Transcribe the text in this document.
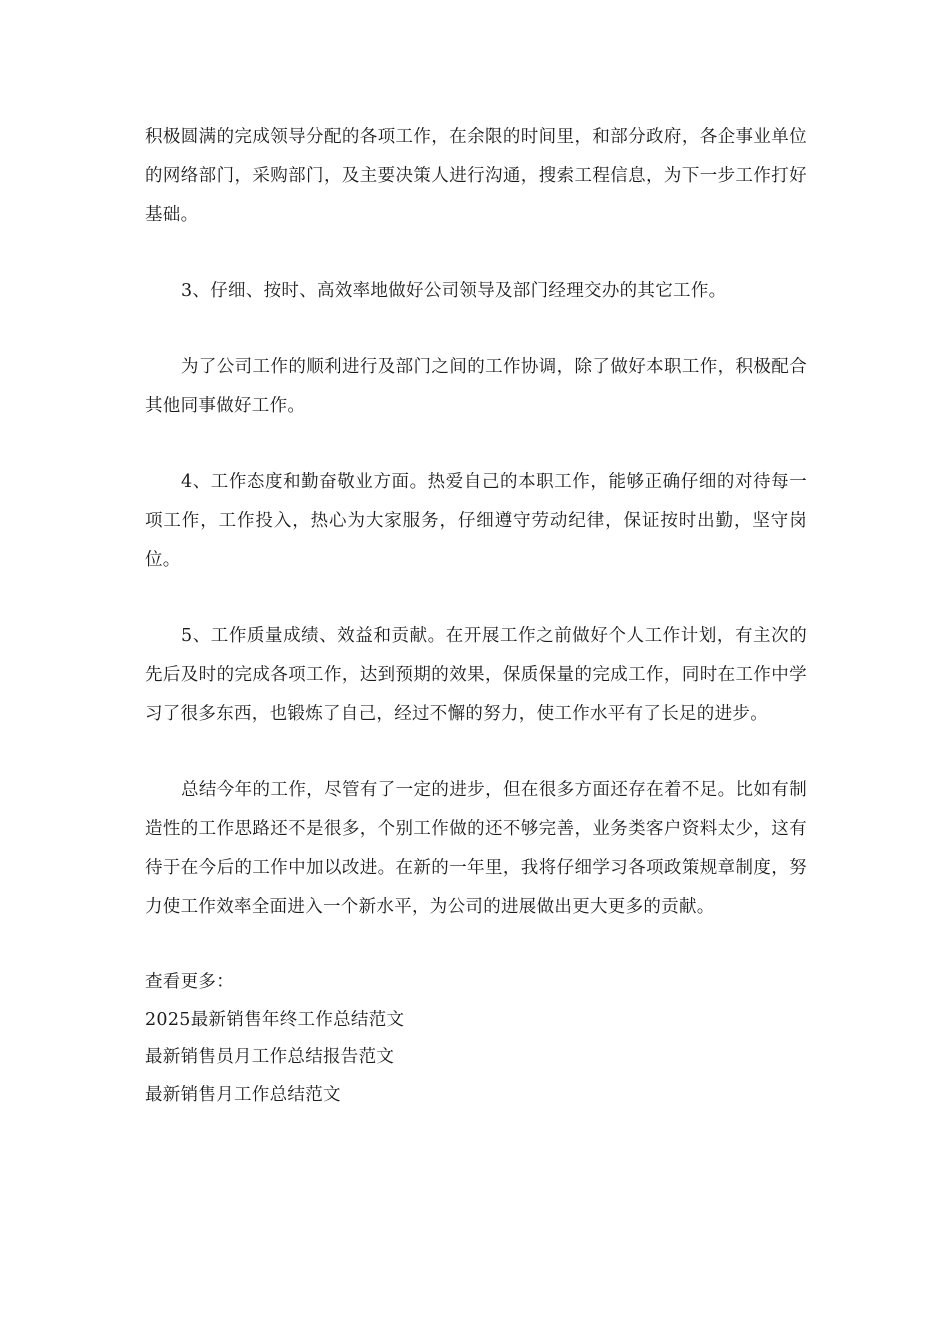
积极圆满的完成领导分配的各项工作，在余限的时间里，和部分政府，各企事业单位的网络部门，采购部门，及主要决策人进行沟通，搜索工程信息，为下一步工作打好基础。

3、仔细、按时、高效率地做好公司领导及部门经理交办的其它工作。

为了公司工作的顺利进行及部门之间的工作协调，除了做好本职工作，积极配合其他同事做好工作。

4、工作态度和勤奋敬业方面。热爱自己的本职工作，能够正确仔细的对待每一项工作，工作投入，热心为大家服务，仔细遵守劳动纪律，保证按时出勤，坚守岗位。

5、工作质量成绩、效益和贡献。在开展工作之前做好个人工作计划，有主次的先后及时的完成各项工作，达到预期的效果，保质保量的完成工作，同时在工作中学习了很多东西，也锻炼了自己，经过不懈的努力，使工作水平有了长足的进步。

总结今年的工作，尽管有了一定的进步，但在很多方面还存在着不足。比如有制造性的工作思路还不是很多，个别工作做的还不够完善，业务类客户资料太少，这有待于在今后的工作中加以改进。在新的一年里，我将仔细学习各项政策规章制度，努力使工作效率全面进入一个新水平，为公司的进展做出更大更多的贡献。

查看更多：
2025最新销售年终工作总结范文
最新销售员月工作总结报告范文
最新销售月工作总结范文
